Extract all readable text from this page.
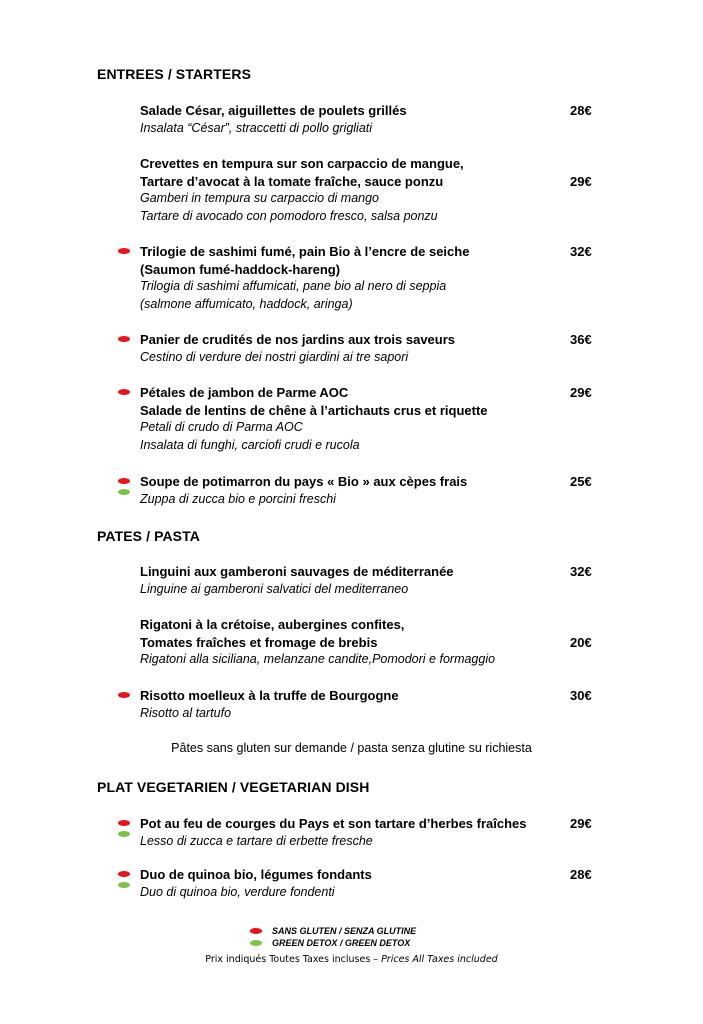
ENTREES / STARTERS
Salade César, aiguillettes de poulets grillés	28€
Insalata “César”, straccetti di pollo grigliati
Crevettes en tempura sur son carpaccio de mangue,
Tartare d’avocat à la tomate fraîche, sauce ponzu	29€
Gamberi in tempura su carpaccio di mango
Tartare di avocado con pomodoro fresco, salsa ponzu
Trilogie de sashimi fumé, pain Bio à l’encre de seiche	32€
(Saumon fumé-haddock-hareng)
Trilogia di sashimi affumicati, pane bio al nero di seppia
(salmone affumicato, haddock, aringa)
Panier de crudités de nos jardins aux trois saveurs	36€
Cestino di verdure dei nostri giardini ai tre sapori
Pétales de jambon de Parme AOC	29€
Salade de lentins de chêne à l’artichauts crus et riquette
Petali di crudo di Parma AOC
Insalata di funghi, carciofi crudi e rucola
Soupe de potimarron du pays « Bio » aux cèpes frais	25€
Zuppa di zucca bio e porcini freschi
PATES / PASTA
Linguini aux gamberoni sauvages de méditerranée	32€
Linguine ai gamberoni salvatici del mediterraneo
Rigatoni à la crétoise, aubergines confites,
Tomates fraîches et fromage de brebis	20€
Rigatoni alla siciliana, melanzane candite,Pomodori e formaggio
Risotto moelleux à la truffe de Bourgogne	30€
Risotto al tartufo
Pâtes sans gluten sur demande / pasta senza glutine su richiesta
PLAT VEGETARIEN / VEGETARIAN DISH
Pot au feu de courges du Pays et son tartare d’herbes fraîches	29€
Lesso di zucca e tartare di erbette fresche
Duo de quinoa bio, légumes fondants	28€
Duo di quinoa bio, verdure fondenti
SANS GLUTEN / SENZA GLUTINE
GREEN DETOX / GREEN DETOX
Prix indiqués Toutes Taxes incluses – Prices All Taxes included
